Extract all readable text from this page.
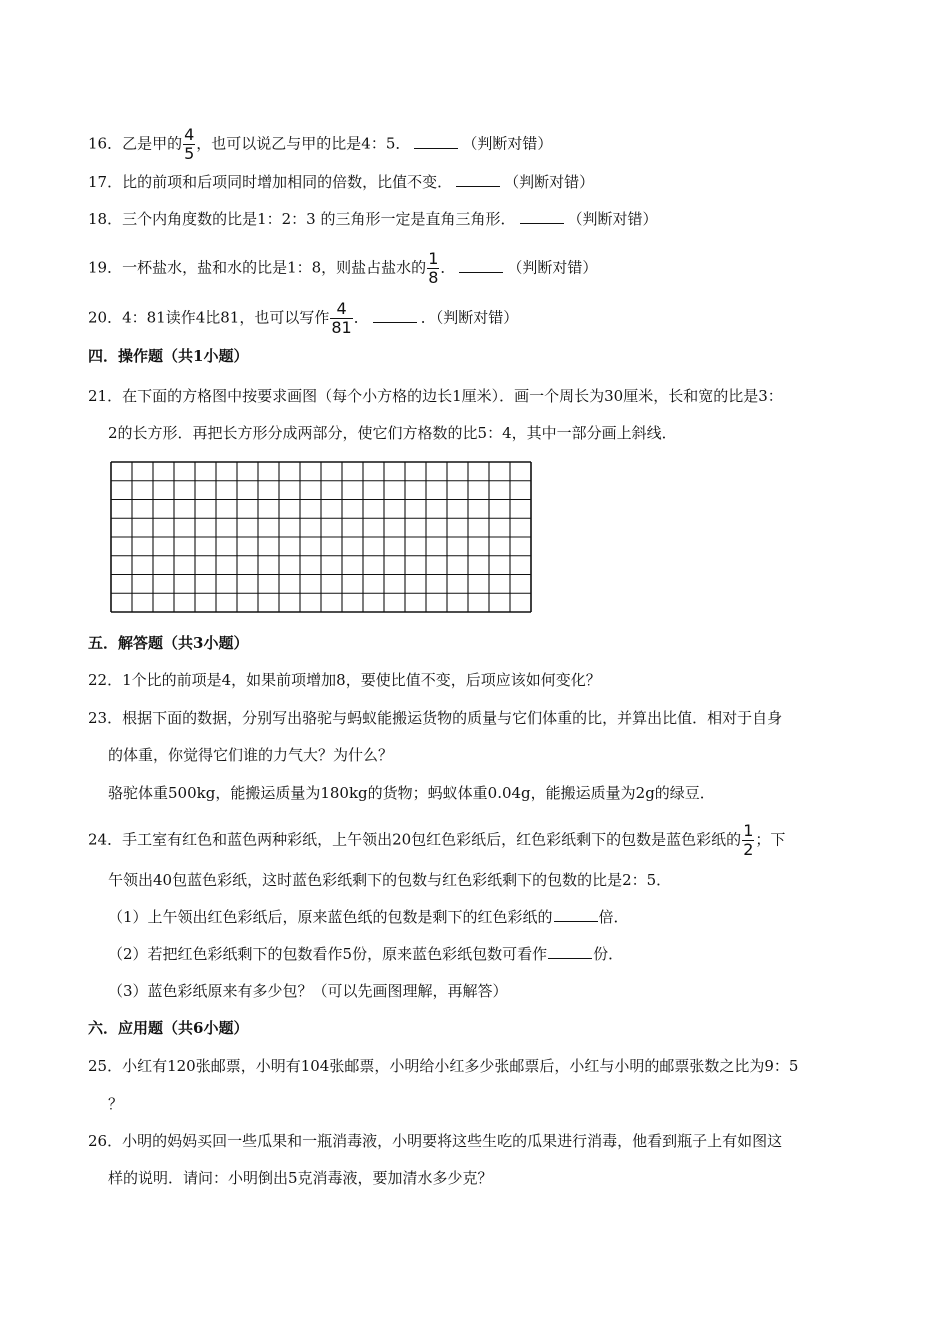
16．乙是甲的 $\frac{4}{5}$ ，也可以说乙与甲的比是4：5．	（判断对错）
17．比的前项和后项同时增加相同的倍数，比值不变．	（判断对错）
18．三个内角度数的比是1：2：3 的三角形一定是直角三角形．	（判断对错）
19．一杯盐水，盐和水的比是1：8，则盐占盐水的 $\frac{1}{8}$ ．	（判断对错）
20．4：81读作4比81，也可以写作 $\frac{4}{81}$ ．	．（判断对错）
四．操作题（共1小题）
21．在下面的方格图中按要求画图（每个小方格的边长1厘米）．画一个周长为30厘米，长和宽的比是3：
2的长方形．再把长方形分成两部分，使它们方格数的比5：4，其中一部分画上斜线．
五．解答题（共3小题）
22．1个比的前项是4，如果前项增加8，要使比值不变，后项应该如何变化？
23．根据下面的数据，分别写出骆驼与蚂蚁能搬运货物的质量与它们体重的比，并算出比值．相对于自身
的体重，你觉得它们谁的力气大？为什么？
骆驼体重500kg，能搬运质量为180kg的货物；蚂蚁体重0.04g，能搬运质量为2g的绿豆．
24．手工室有红色和蓝色两种彩纸，上午领出20包红色彩纸后，红色彩纸剩下的包数是蓝色彩纸的 $\frac{1}{2}$ ；下
午领出40包蓝色彩纸，这时蓝色彩纸剩下的包数与红色彩纸剩下的包数的比是2：5．
（1）上午领出红色彩纸后，原来蓝色纸的包数是剩下的红色彩纸的	倍．
（2）若把红色彩纸剩下的包数看作5份，原来蓝色彩纸包数可看作	份．
（3）蓝色彩纸原来有多少包？（可以先画图理解，再解答）
六．应用题（共6小题）
25．小红有120张邮票，小明有104张邮票，小明给小红多少张邮票后，小红与小明的邮票张数之比为9：5
？
26．小明的妈妈买回一些瓜果和一瓶消毒液，小明要将这些生吃的瓜果进行消毒，他看到瓶子上有如图这
样的说明．请问：小明倒出5克消毒液，要加清水多少克？
